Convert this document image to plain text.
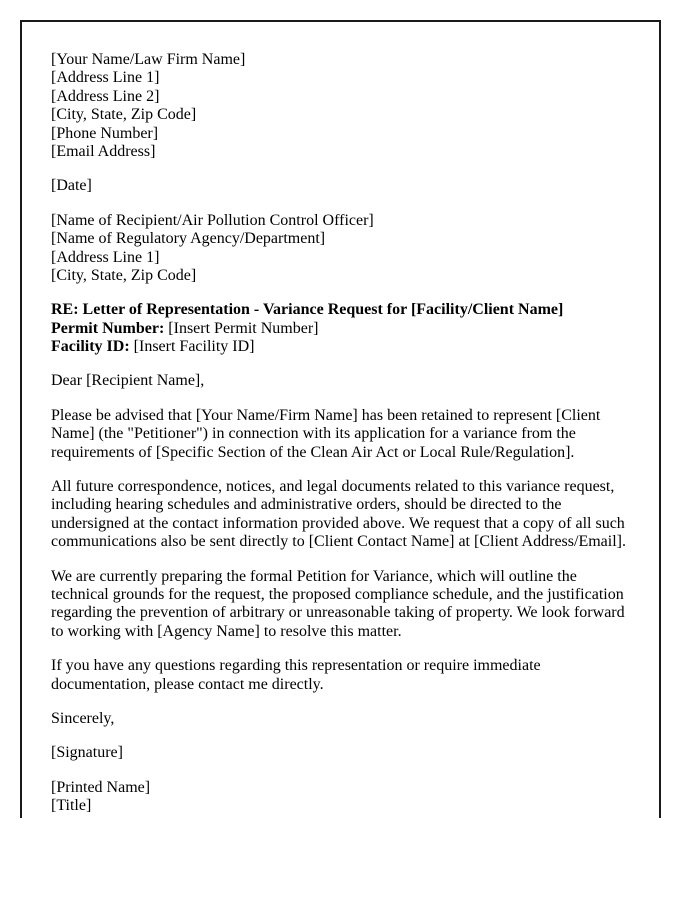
[Your Name/Law Firm Name]
[Address Line 1]
[Address Line 2]
[City, State, Zip Code]
[Phone Number]
[Email Address]

[Date]

[Name of Recipient/Air Pollution Control Officer]
[Name of Regulatory Agency/Department]
[Address Line 1]
[City, State, Zip Code]

RE: Letter of Representation - Variance Request for [Facility/Client Name]
Permit Number: [Insert Permit Number]
Facility ID: [Insert Facility ID]

Dear [Recipient Name],

Please be advised that [Your Name/Firm Name] has been retained to represent [Client Name] (the "Petitioner") in connection with its application for a variance from the requirements of [Specific Section of the Clean Air Act or Local Rule/Regulation].

All future correspondence, notices, and legal documents related to this variance request, including hearing schedules and administrative orders, should be directed to the undersigned at the contact information provided above. We request that a copy of all such communications also be sent directly to [Client Contact Name] at [Client Address/Email].

We are currently preparing the formal Petition for Variance, which will outline the technical grounds for the request, the proposed compliance schedule, and the justification regarding the prevention of arbitrary or unreasonable taking of property. We look forward to working with [Agency Name] to resolve this matter.

If you have any questions regarding this representation or require immediate documentation, please contact me directly.

Sincerely,

[Signature]

[Printed Name]
[Title]
